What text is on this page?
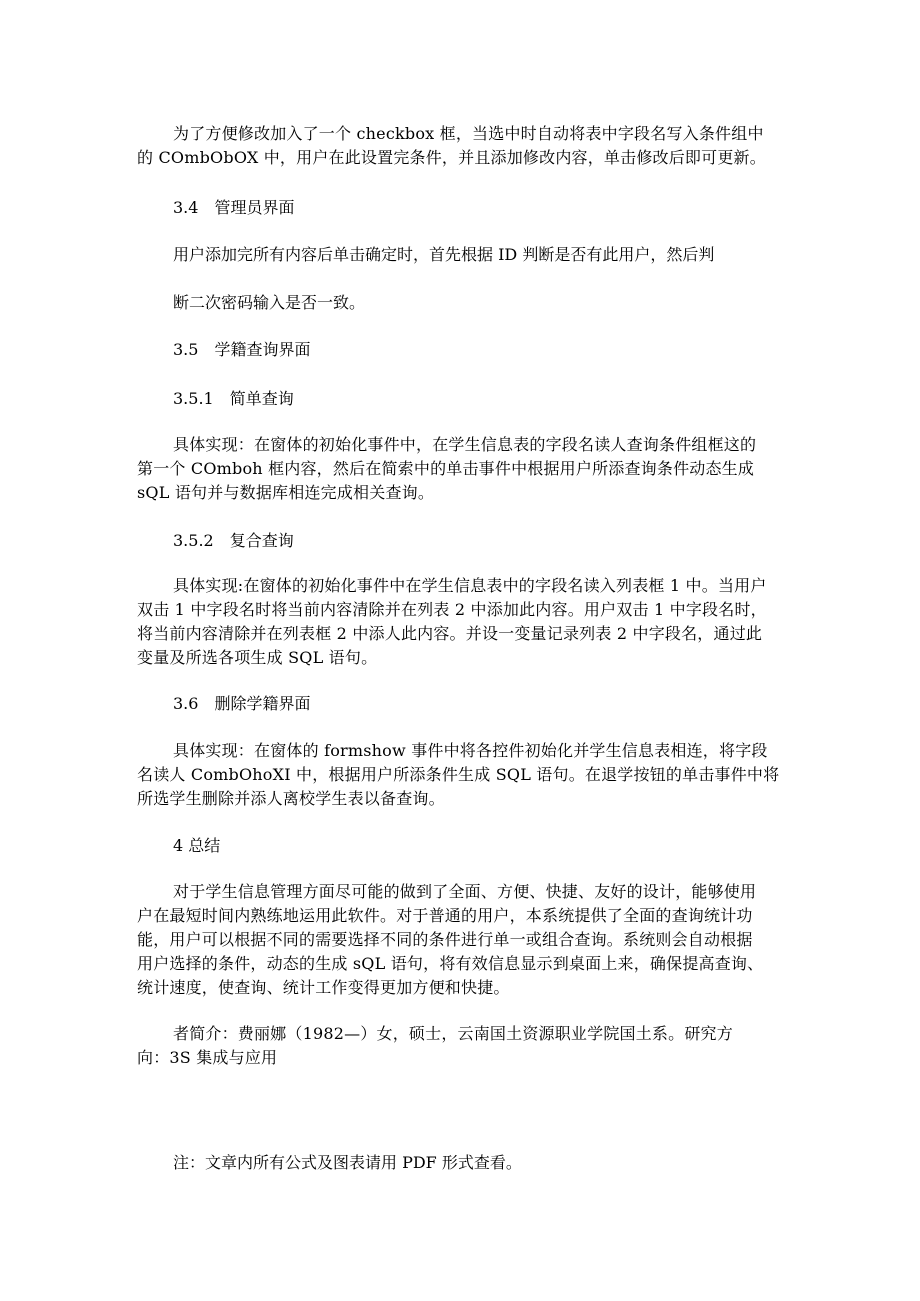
为了方便修改加入了一个 checkbox 框，当选中时自动将表中字段名写入条件组中
的 COmbObOX 中，用户在此设置完条件，并且添加修改内容，单击修改后即可更新。
3.4　管理员界面
用户添加完所有内容后单击确定时，首先根据 ID 判断是否有此用户，然后判
断二次密码输入是否一致。
3.5　学籍查询界面
3.5.1　简单查询
具体实现：在窗体的初始化事件中，在学生信息表的字段名读人查询条件组框这的
第一个 COmboh 框内容，然后在简索中的单击事件中根据用户所添查询条件动态生成
sQL 语句并与数据库相连完成相关查询。
3.5.2　复合查询
具体实现:在窗体的初始化事件中在学生信息表中的字段名读入列表框 1 中。当用户
双击 1 中字段名时将当前内容清除并在列表 2 中添加此内容。用户双击 1 中字段名时，
将当前内容清除并在列表框 2 中添人此内容。并设一变量记录列表 2 中字段名，通过此
变量及所选各项生成 SQL 语句。
3.6　删除学籍界面
具体实现：在窗体的 formshow 事件中将各控件初始化并学生信息表相连，将字段
名读人 CombOhoXI 中，根据用户所添条件生成 SQL 语句。在退学按钮的单击事件中将
所选学生删除并添人离校学生表以备查询。
4 总结
对于学生信息管理方面尽可能的做到了全面、方便、快捷、友好的设计，能够使用
户在最短时间内熟练地运用此软件。对于普通的用户，本系统提供了全面的查询统计功
能，用户可以根据不同的需要选择不同的条件进行单一或组合查询。系统则会自动根据
用户选择的条件，动态的生成 sQL 语句，将有效信息显示到桌面上来，确保提高查询、
统计速度，使查询、统计工作变得更加方便和快捷。
者简介：费丽娜（1982—）女，硕士，云南国土资源职业学院国土系。研究方
向：3S 集成与应用
注：文章内所有公式及图表请用 PDF 形式查看。
